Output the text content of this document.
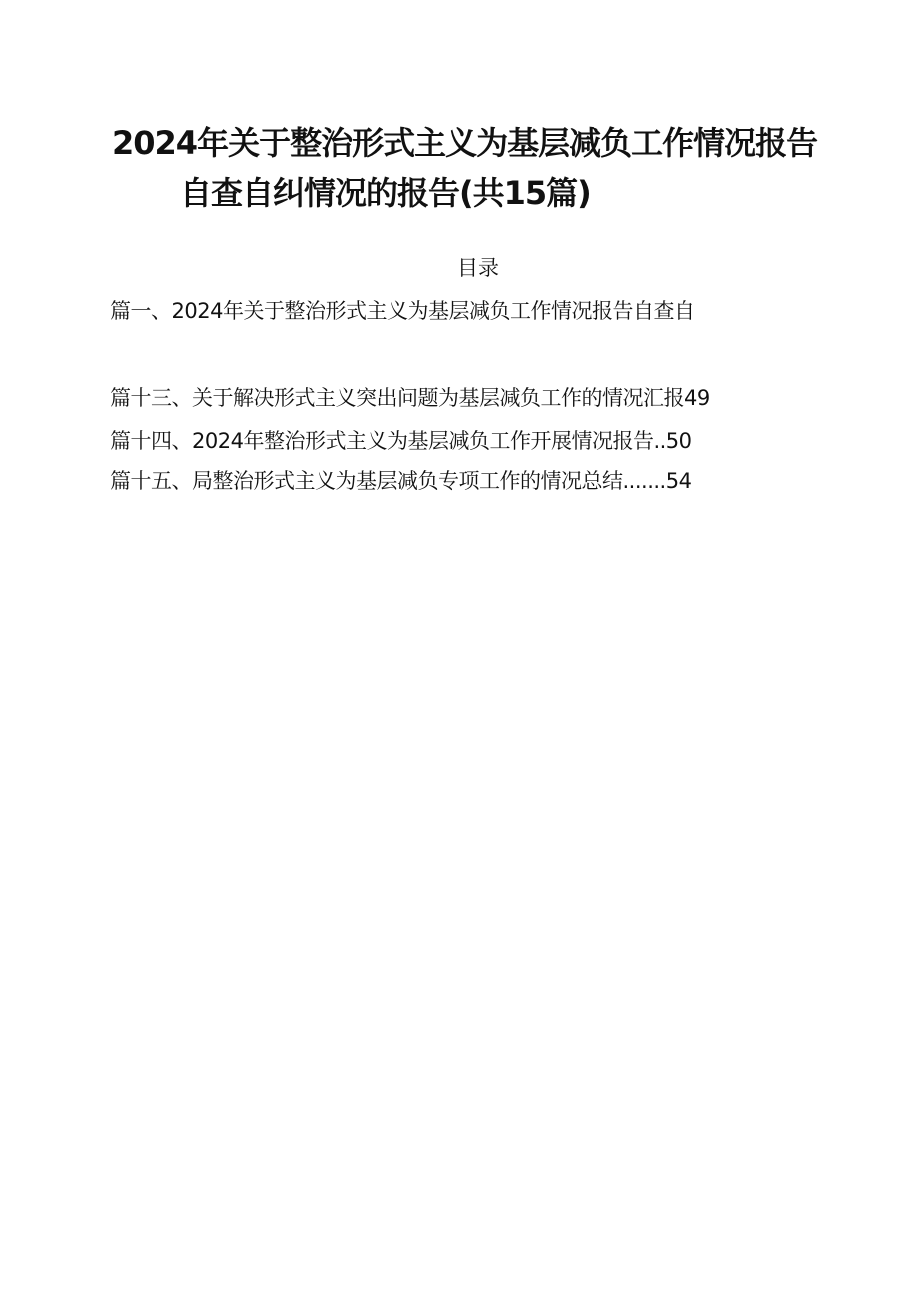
2024年关于整治形式主义为基层减负工作情况报告
自查自纠情况的报告(共15篇)
目录
篇一、2024年关于整治形式主义为基层减负工作情况报告自查自
篇十三、关于解决形式主义突出问题为基层减负工作的情况汇报49
篇十四、2024年整治形式主义为基层减负工作开展情况报告..50
篇十五、局整治形式主义为基层减负专项工作的情况总结.......54
